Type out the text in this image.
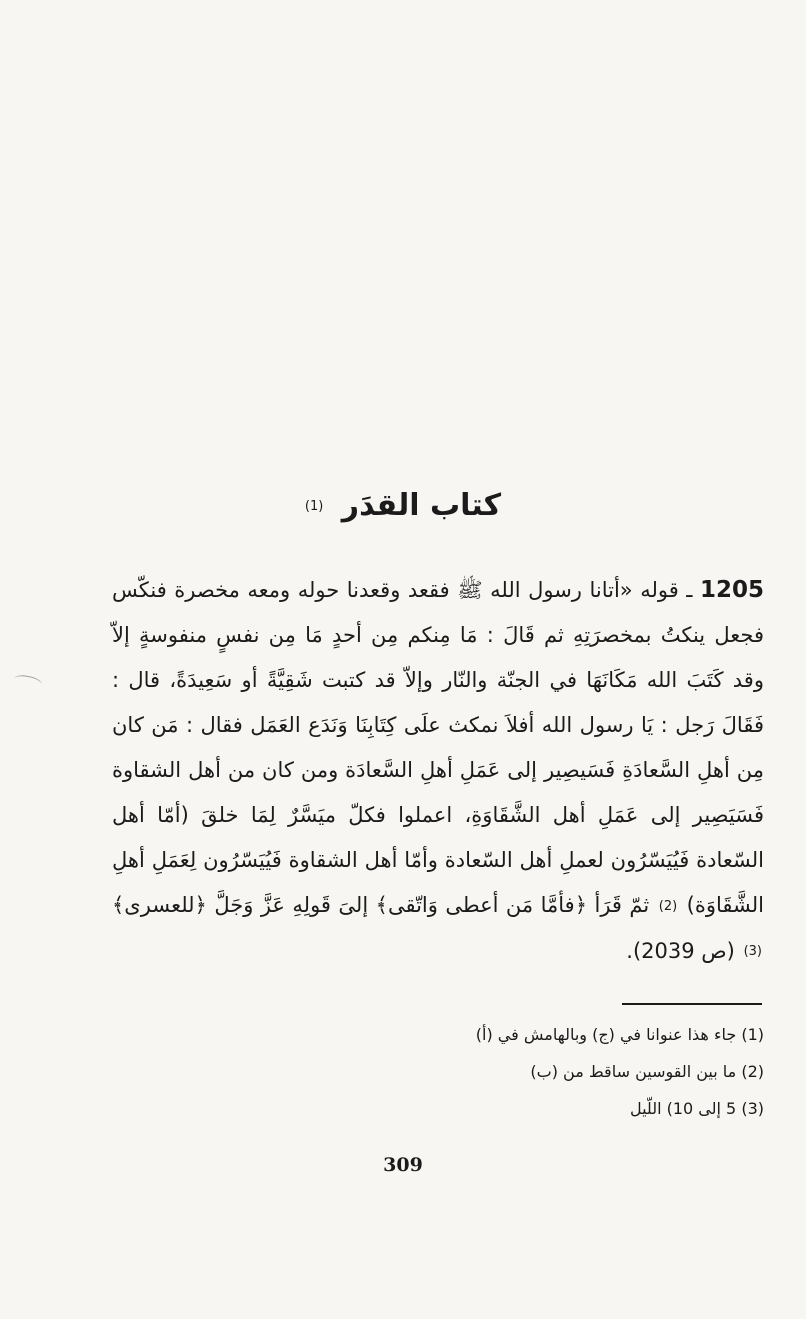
كتاب القدَر (1)

1205 ـ قوله «أتانا رسول الله ﷺ فقعد وقعدنا حوله ومعه مخصرة فنكّس فجعل ينكتُ بمخصرَتِهِ ثم قَالَ : مَا مِنكم مِن أحدٍ مَا مِن نفسٍ منفوسةٍ إلاّ وقد كَتَبَ الله مَكَانَهَا في الجنّة والنّار وإلاّ قد كتبت شَقِيَّةً أو سَعِيدَةً، قال : فَقَالَ رَجل : يَا رسول الله أفلاَ نمكث علَى كِتَابِنَا وَنَدَع العَمَل فقال : مَن كان مِن أهلِ السَّعادَةِ فَسَيصِير إلى عَمَلِ أهلِ السَّعادَة ومن كان من أهل الشقاوة فَسَيَصِير إلى عَمَلِ أهل الشَّقَاوَةِ، اعملوا فكلّ ميَسَّرٌ لِمَا خلقَ (أمّا أهل السّعادة فَيُيَسّرُون لعملِ أهل السّعادة وأمّا أهل الشقاوة فَيُيَسّرُون لِعَمَلِ أهلِ الشَّقَاوَة) (2) ثمّ قَرَأ ﴿فأمَّا مَن أعطى وَاتّقى﴾ إلىَ قَولِهِ عَزَّ وَجَلَّ ﴿للعسرى﴾ (3) (ص 2039).

(1) جاء هذا عنوانا في (ج) وبالهامش في (أ)
(2) ما بين القوسين ساقط من (ب)
(3) 5 إلى 10) اللّيل
309
